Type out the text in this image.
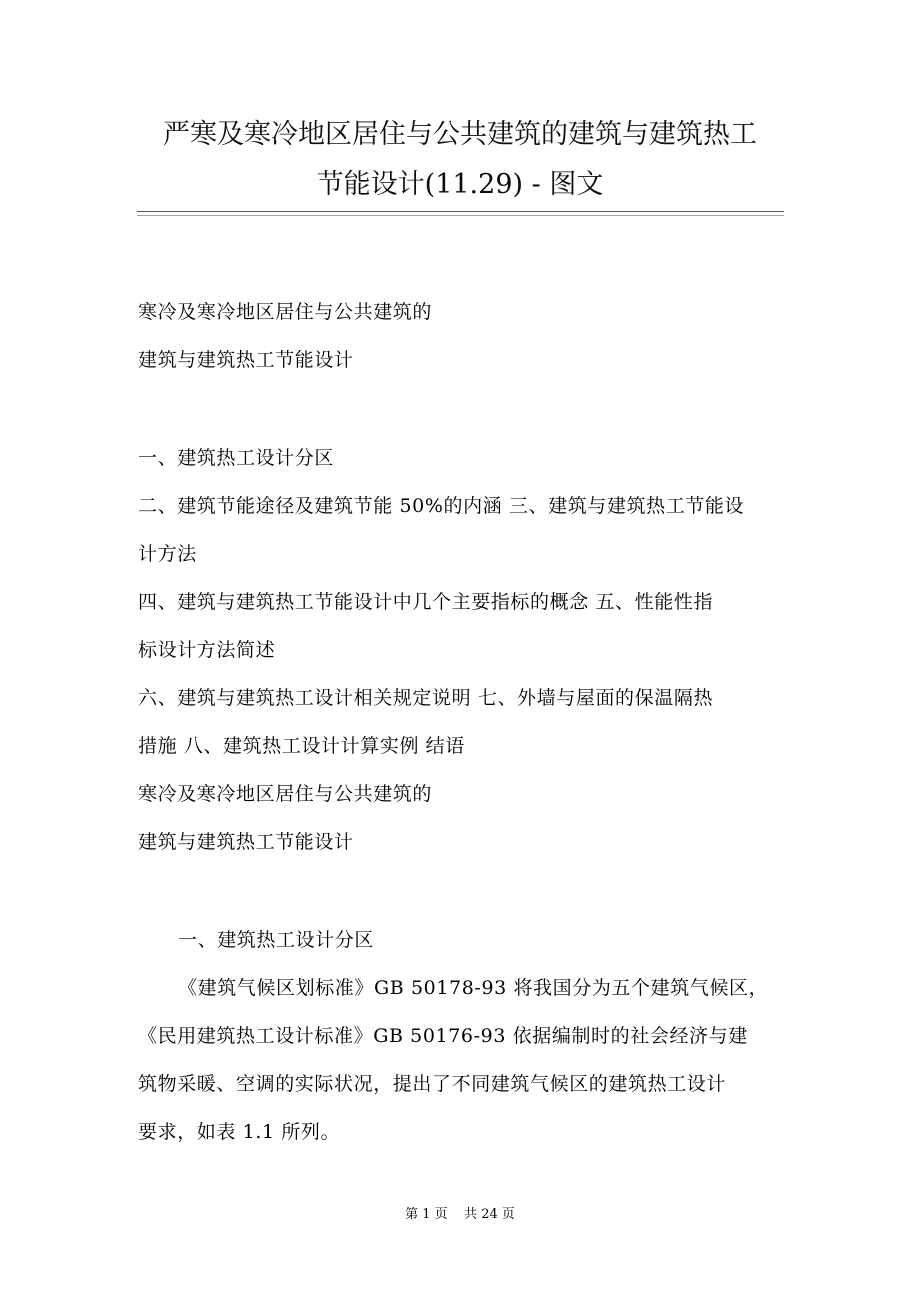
严寒及寒冷地区居住与公共建筑的建筑与建筑热工
节能设计(11.29) - 图文

寒冷及寒冷地区居住与公共建筑的

建筑与建筑热工节能设计

一、建筑热工设计分区

二、建筑节能途径及建筑节能 50%的内涵 三、建筑与建筑热工节能设

计方法

四、建筑与建筑热工节能设计中几个主要指标的概念 五、性能性指

标设计方法简述

六、建筑与建筑热工设计相关规定说明 七、外墙与屋面的保温隔热

措施 八、建筑热工设计计算实例 结语

寒冷及寒冷地区居住与公共建筑的

建筑与建筑热工节能设计

一、建筑热工设计分区

《建筑气候区划标准》GB 50178-93 将我国分为五个建筑气候区，

《民用建筑热工设计标准》GB 50176-93 依据编制时的社会经济与建

筑物采暖、空调的实际状况，提出了不同建筑气候区的建筑热工设计

要求，如表 1.1 所列。

第 1 页    共 24 页
